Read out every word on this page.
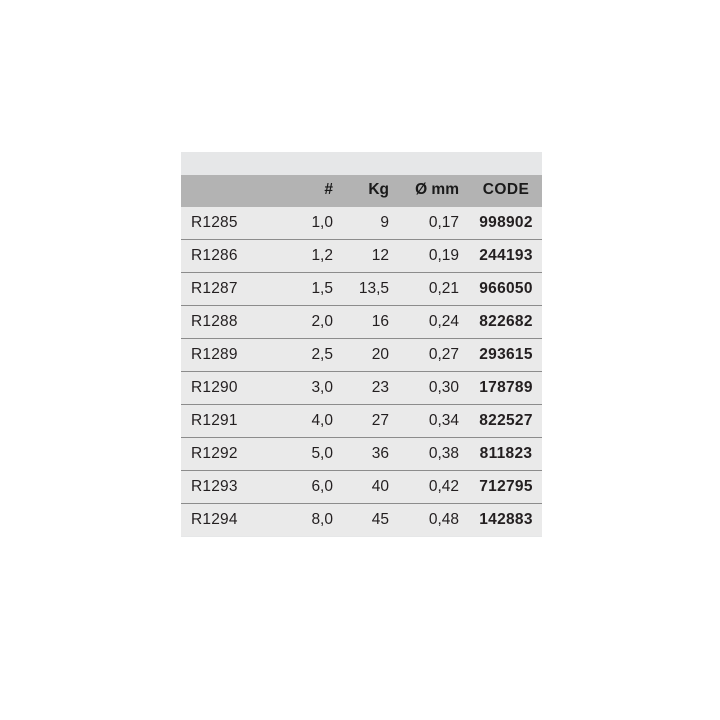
	#	Kg	Ø mm	CODE
R1285	1,0	9	0,17	998902
R1286	1,2	12	0,19	244193
R1287	1,5	13,5	0,21	966050
R1288	2,0	16	0,24	822682
R1289	2,5	20	0,27	293615
R1290	3,0	23	0,30	178789
R1291	4,0	27	0,34	822527
R1292	5,0	36	0,38	811823
R1293	6,0	40	0,42	712795
R1294	8,0	45	0,48	142883
